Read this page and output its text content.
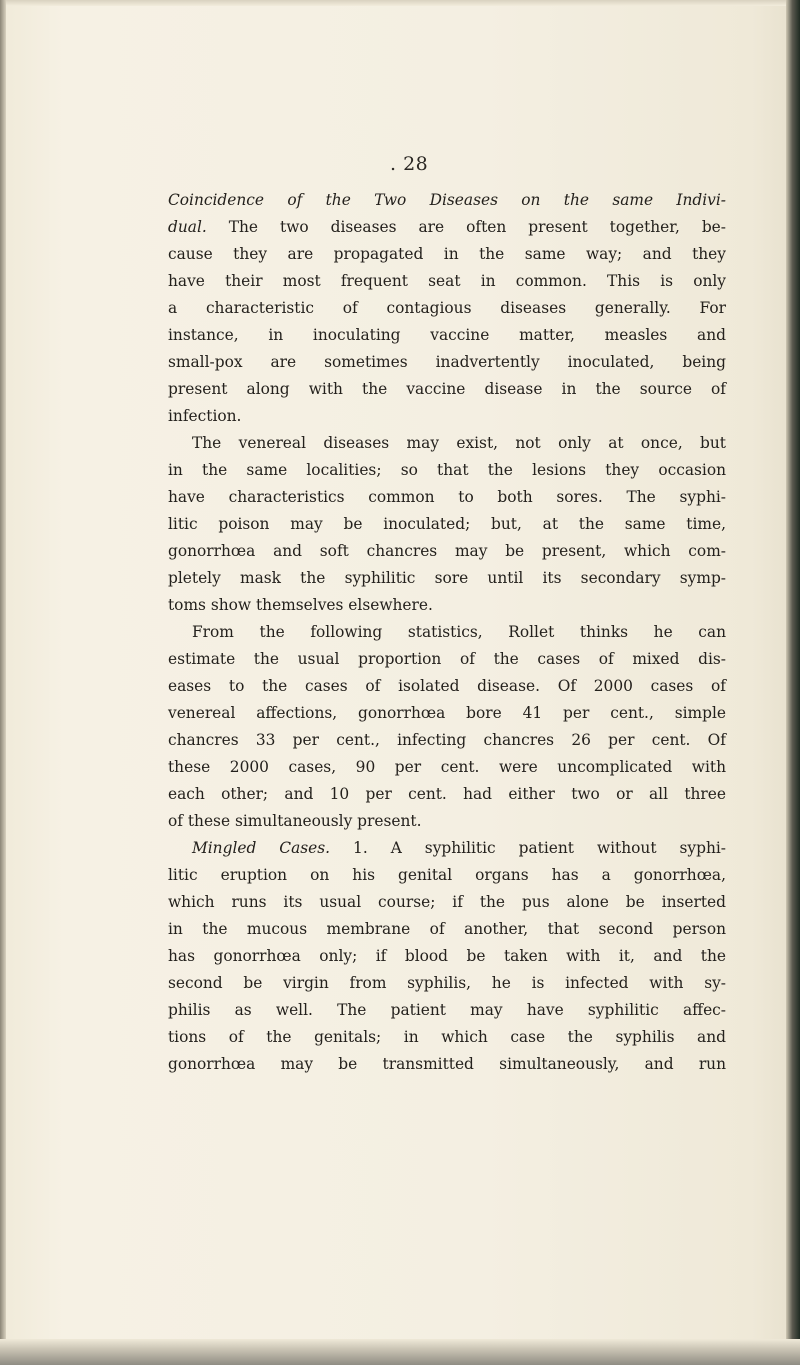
. 28
Coincidence of the Two Diseases on the same Indivi-
dual. The two diseases are often present together, be-
cause they are propagated in the same way; and they
have their most frequent seat in common. This is only
a characteristic of contagious diseases generally. For
instance, in inoculating vaccine matter, measles and
small-pox are sometimes inadvertently inoculated, being
present along with the vaccine disease in the source of
infection.
The venereal diseases may exist, not only at once, but
in the same localities; so that the lesions they occasion
have characteristics common to both sores. The syphi-
litic poison may be inoculated; but, at the same time,
gonorrhœa and soft chancres may be present, which com-
pletely mask the syphilitic sore until its secondary symp-
toms show themselves elsewhere.
From the following statistics, Rollet thinks he can
estimate the usual proportion of the cases of mixed dis-
eases to the cases of isolated disease. Of 2000 cases of
venereal affections, gonorrhœa bore 41 per cent., simple
chancres 33 per cent., infecting chancres 26 per cent. Of
these 2000 cases, 90 per cent. were uncomplicated with
each other; and 10 per cent. had either two or all three
of these simultaneously present.
Mingled Cases. 1. A syphilitic patient without syphi-
litic eruption on his genital organs has a gonorrhœa,
which runs its usual course; if the pus alone be inserted
in the mucous membrane of another, that second person
has gonorrhœa only; if blood be taken with it, and the
second be virgin from syphilis, he is infected with sy-
philis as well. The patient may have syphilitic affec-
tions of the genitals; in which case the syphilis and
gonorrhœa may be transmitted simultaneously, and run
